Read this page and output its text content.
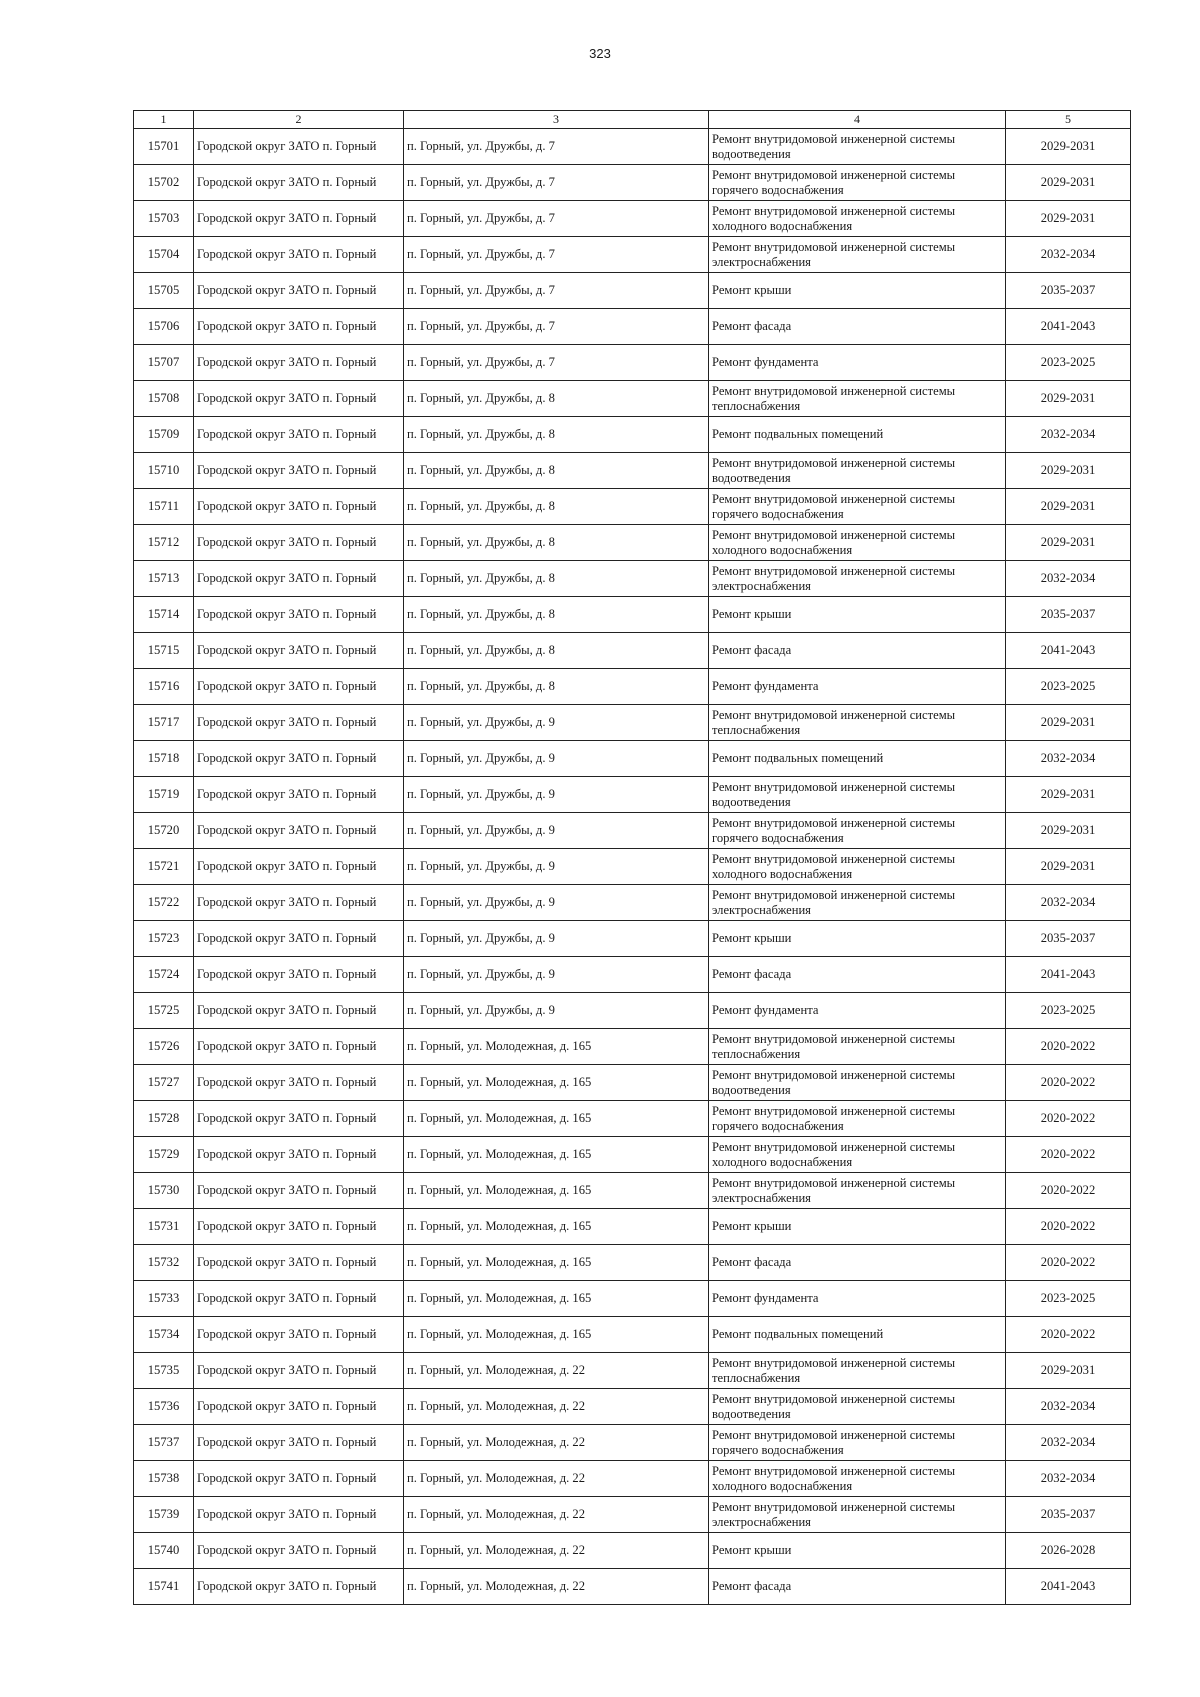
323
1	2	3	4	5
15701	Городской округ ЗАТО п. Горный	п. Горный, ул. Дружбы, д. 7	Ремонт внутридомовой инженерной системы
водоотведения	2029-2031
15702	Городской округ ЗАТО п. Горный	п. Горный, ул. Дружбы, д. 7	Ремонт внутридомовой инженерной системы
горячего водоснабжения	2029-2031
15703	Городской округ ЗАТО п. Горный	п. Горный, ул. Дружбы, д. 7	Ремонт внутридомовой инженерной системы
холодного водоснабжения	2029-2031
15704	Городской округ ЗАТО п. Горный	п. Горный, ул. Дружбы, д. 7	Ремонт внутридомовой инженерной системы
электроснабжения	2032-2034
15705	Городской округ ЗАТО п. Горный	п. Горный, ул. Дружбы, д. 7	Ремонт крыши	2035-2037
15706	Городской округ ЗАТО п. Горный	п. Горный, ул. Дружбы, д. 7	Ремонт фасада	2041-2043
15707	Городской округ ЗАТО п. Горный	п. Горный, ул. Дружбы, д. 7	Ремонт фундамента	2023-2025
15708	Городской округ ЗАТО п. Горный	п. Горный, ул. Дружбы, д. 8	Ремонт внутридомовой инженерной системы
теплоснабжения	2029-2031
15709	Городской округ ЗАТО п. Горный	п. Горный, ул. Дружбы, д. 8	Ремонт подвальных помещений	2032-2034
15710	Городской округ ЗАТО п. Горный	п. Горный, ул. Дружбы, д. 8	Ремонт внутридомовой инженерной системы
водоотведения	2029-2031
15711	Городской округ ЗАТО п. Горный	п. Горный, ул. Дружбы, д. 8	Ремонт внутридомовой инженерной системы
горячего водоснабжения	2029-2031
15712	Городской округ ЗАТО п. Горный	п. Горный, ул. Дружбы, д. 8	Ремонт внутридомовой инженерной системы
холодного водоснабжения	2029-2031
15713	Городской округ ЗАТО п. Горный	п. Горный, ул. Дружбы, д. 8	Ремонт внутридомовой инженерной системы
электроснабжения	2032-2034
15714	Городской округ ЗАТО п. Горный	п. Горный, ул. Дружбы, д. 8	Ремонт крыши	2035-2037
15715	Городской округ ЗАТО п. Горный	п. Горный, ул. Дружбы, д. 8	Ремонт фасада	2041-2043
15716	Городской округ ЗАТО п. Горный	п. Горный, ул. Дружбы, д. 8	Ремонт фундамента	2023-2025
15717	Городской округ ЗАТО п. Горный	п. Горный, ул. Дружбы, д. 9	Ремонт внутридомовой инженерной системы
теплоснабжения	2029-2031
15718	Городской округ ЗАТО п. Горный	п. Горный, ул. Дружбы, д. 9	Ремонт подвальных помещений	2032-2034
15719	Городской округ ЗАТО п. Горный	п. Горный, ул. Дружбы, д. 9	Ремонт внутридомовой инженерной системы
водоотведения	2029-2031
15720	Городской округ ЗАТО п. Горный	п. Горный, ул. Дружбы, д. 9	Ремонт внутридомовой инженерной системы
горячего водоснабжения	2029-2031
15721	Городской округ ЗАТО п. Горный	п. Горный, ул. Дружбы, д. 9	Ремонт внутридомовой инженерной системы
холодного водоснабжения	2029-2031
15722	Городской округ ЗАТО п. Горный	п. Горный, ул. Дружбы, д. 9	Ремонт внутридомовой инженерной системы
электроснабжения	2032-2034
15723	Городской округ ЗАТО п. Горный	п. Горный, ул. Дружбы, д. 9	Ремонт крыши	2035-2037
15724	Городской округ ЗАТО п. Горный	п. Горный, ул. Дружбы, д. 9	Ремонт фасада	2041-2043
15725	Городской округ ЗАТО п. Горный	п. Горный, ул. Дружбы, д. 9	Ремонт фундамента	2023-2025
15726	Городской округ ЗАТО п. Горный	п. Горный, ул. Молодежная, д. 165	Ремонт внутридомовой инженерной системы
теплоснабжения	2020-2022
15727	Городской округ ЗАТО п. Горный	п. Горный, ул. Молодежная, д. 165	Ремонт внутридомовой инженерной системы
водоотведения	2020-2022
15728	Городской округ ЗАТО п. Горный	п. Горный, ул. Молодежная, д. 165	Ремонт внутридомовой инженерной системы
горячего водоснабжения	2020-2022
15729	Городской округ ЗАТО п. Горный	п. Горный, ул. Молодежная, д. 165	Ремонт внутридомовой инженерной системы
холодного водоснабжения	2020-2022
15730	Городской округ ЗАТО п. Горный	п. Горный, ул. Молодежная, д. 165	Ремонт внутридомовой инженерной системы
электроснабжения	2020-2022
15731	Городской округ ЗАТО п. Горный	п. Горный, ул. Молодежная, д. 165	Ремонт крыши	2020-2022
15732	Городской округ ЗАТО п. Горный	п. Горный, ул. Молодежная, д. 165	Ремонт фасада	2020-2022
15733	Городской округ ЗАТО п. Горный	п. Горный, ул. Молодежная, д. 165	Ремонт фундамента	2023-2025
15734	Городской округ ЗАТО п. Горный	п. Горный, ул. Молодежная, д. 165	Ремонт подвальных помещений	2020-2022
15735	Городской округ ЗАТО п. Горный	п. Горный, ул. Молодежная, д. 22	Ремонт внутридомовой инженерной системы
теплоснабжения	2029-2031
15736	Городской округ ЗАТО п. Горный	п. Горный, ул. Молодежная, д. 22	Ремонт внутридомовой инженерной системы
водоотведения	2032-2034
15737	Городской округ ЗАТО п. Горный	п. Горный, ул. Молодежная, д. 22	Ремонт внутридомовой инженерной системы
горячего водоснабжения	2032-2034
15738	Городской округ ЗАТО п. Горный	п. Горный, ул. Молодежная, д. 22	Ремонт внутридомовой инженерной системы
холодного водоснабжения	2032-2034
15739	Городской округ ЗАТО п. Горный	п. Горный, ул. Молодежная, д. 22	Ремонт внутридомовой инженерной системы
электроснабжения	2035-2037
15740	Городской округ ЗАТО п. Горный	п. Горный, ул. Молодежная, д. 22	Ремонт крыши	2026-2028
15741	Городской округ ЗАТО п. Горный	п. Горный, ул. Молодежная, д. 22	Ремонт фасада	2041-2043
